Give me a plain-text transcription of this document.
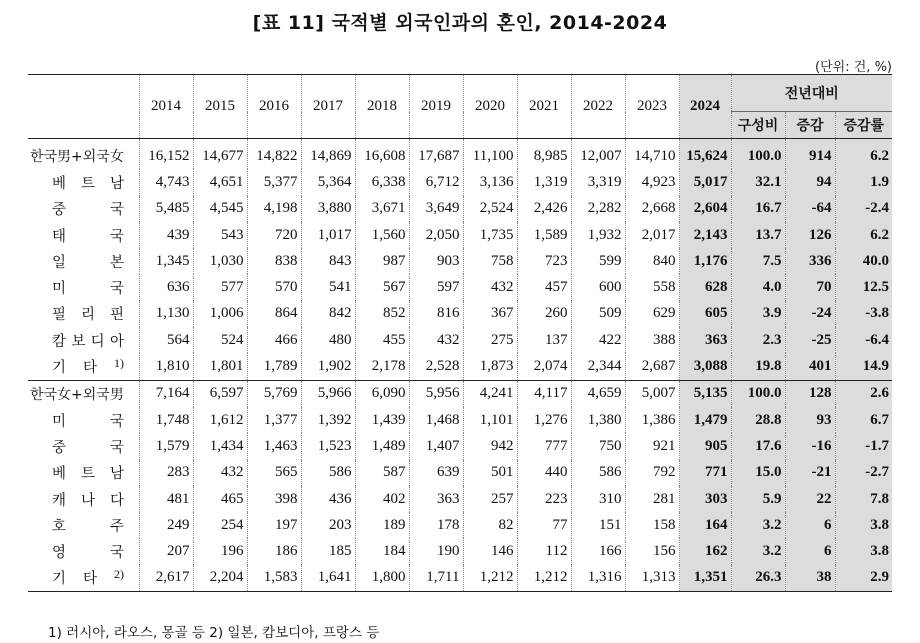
[표 11] 국적별 외국인과의 혼인, 2014-2024
(단위: 건, %)
	2014	2015	2016	2017	2018	2019	2020	2021	2022	2023	2024	전년대비		
												구성비	증감	증감률
한국男+외국女	16,152	14,677	14,822	14,869	16,608	17,687	11,100	8,985	12,007	14,710	15,624	100.0	914	6.2

베 트 남	4,743	4,651	5,377	5,364	6,338	6,712	3,136	1,319	3,319	4,923	5,017	32.1	94	1.9

중 국	5,485	4,545	4,198	3,880	3,671	3,649	2,524	2,426	2,282	2,668	2,604	16.7	-64	-2.4

태 국	439	543	720	1,017	1,560	2,050	1,735	1,589	1,932	2,017	2,143	13.7	126	6.2

일 본	1,345	1,030	838	843	987	903	758	723	599	840	1,176	7.5	336	40.0

미 국	636	577	570	541	567	597	432	457	600	558	628	4.0	70	12.5

필 리 핀	1,130	1,006	864	842	852	816	367	260	509	629	605	3.9	-24	-3.8

캄 보 디 아	564	524	466	480	455	432	275	137	422	388	363	2.3	-25	-6.4

기 타 1)	1,810	1,801	1,789	1,902	2,178	2,528	1,873	2,074	2,344	2,687	3,088	19.8	401	14.9
한국女+외국男	7,164	6,597	5,769	5,966	6,090	5,956	4,241	4,117	4,659	5,007	5,135	100.0	128	2.6

미 국	1,748	1,612	1,377	1,392	1,439	1,468	1,101	1,276	1,380	1,386	1,479	28.8	93	6.7

중 국	1,579	1,434	1,463	1,523	1,489	1,407	942	777	750	921	905	17.6	-16	-1.7

베 트 남	283	432	565	586	587	639	501	440	586	792	771	15.0	-21	-2.7

캐 나 다	481	465	398	436	402	363	257	223	310	281	303	5.9	22	7.8

호 주	249	254	197	203	189	178	82	77	151	158	164	3.2	6	3.8

영 국	207	196	186	185	184	190	146	112	166	156	162	3.2	6	3.8

기 타 2)	2,617	2,204	1,583	1,641	1,800	1,711	1,212	1,212	1,316	1,313	1,351	26.3	38	2.9
1) 러시아, 라오스, 몽골 등 2) 일본, 캄보디아, 프랑스 등
